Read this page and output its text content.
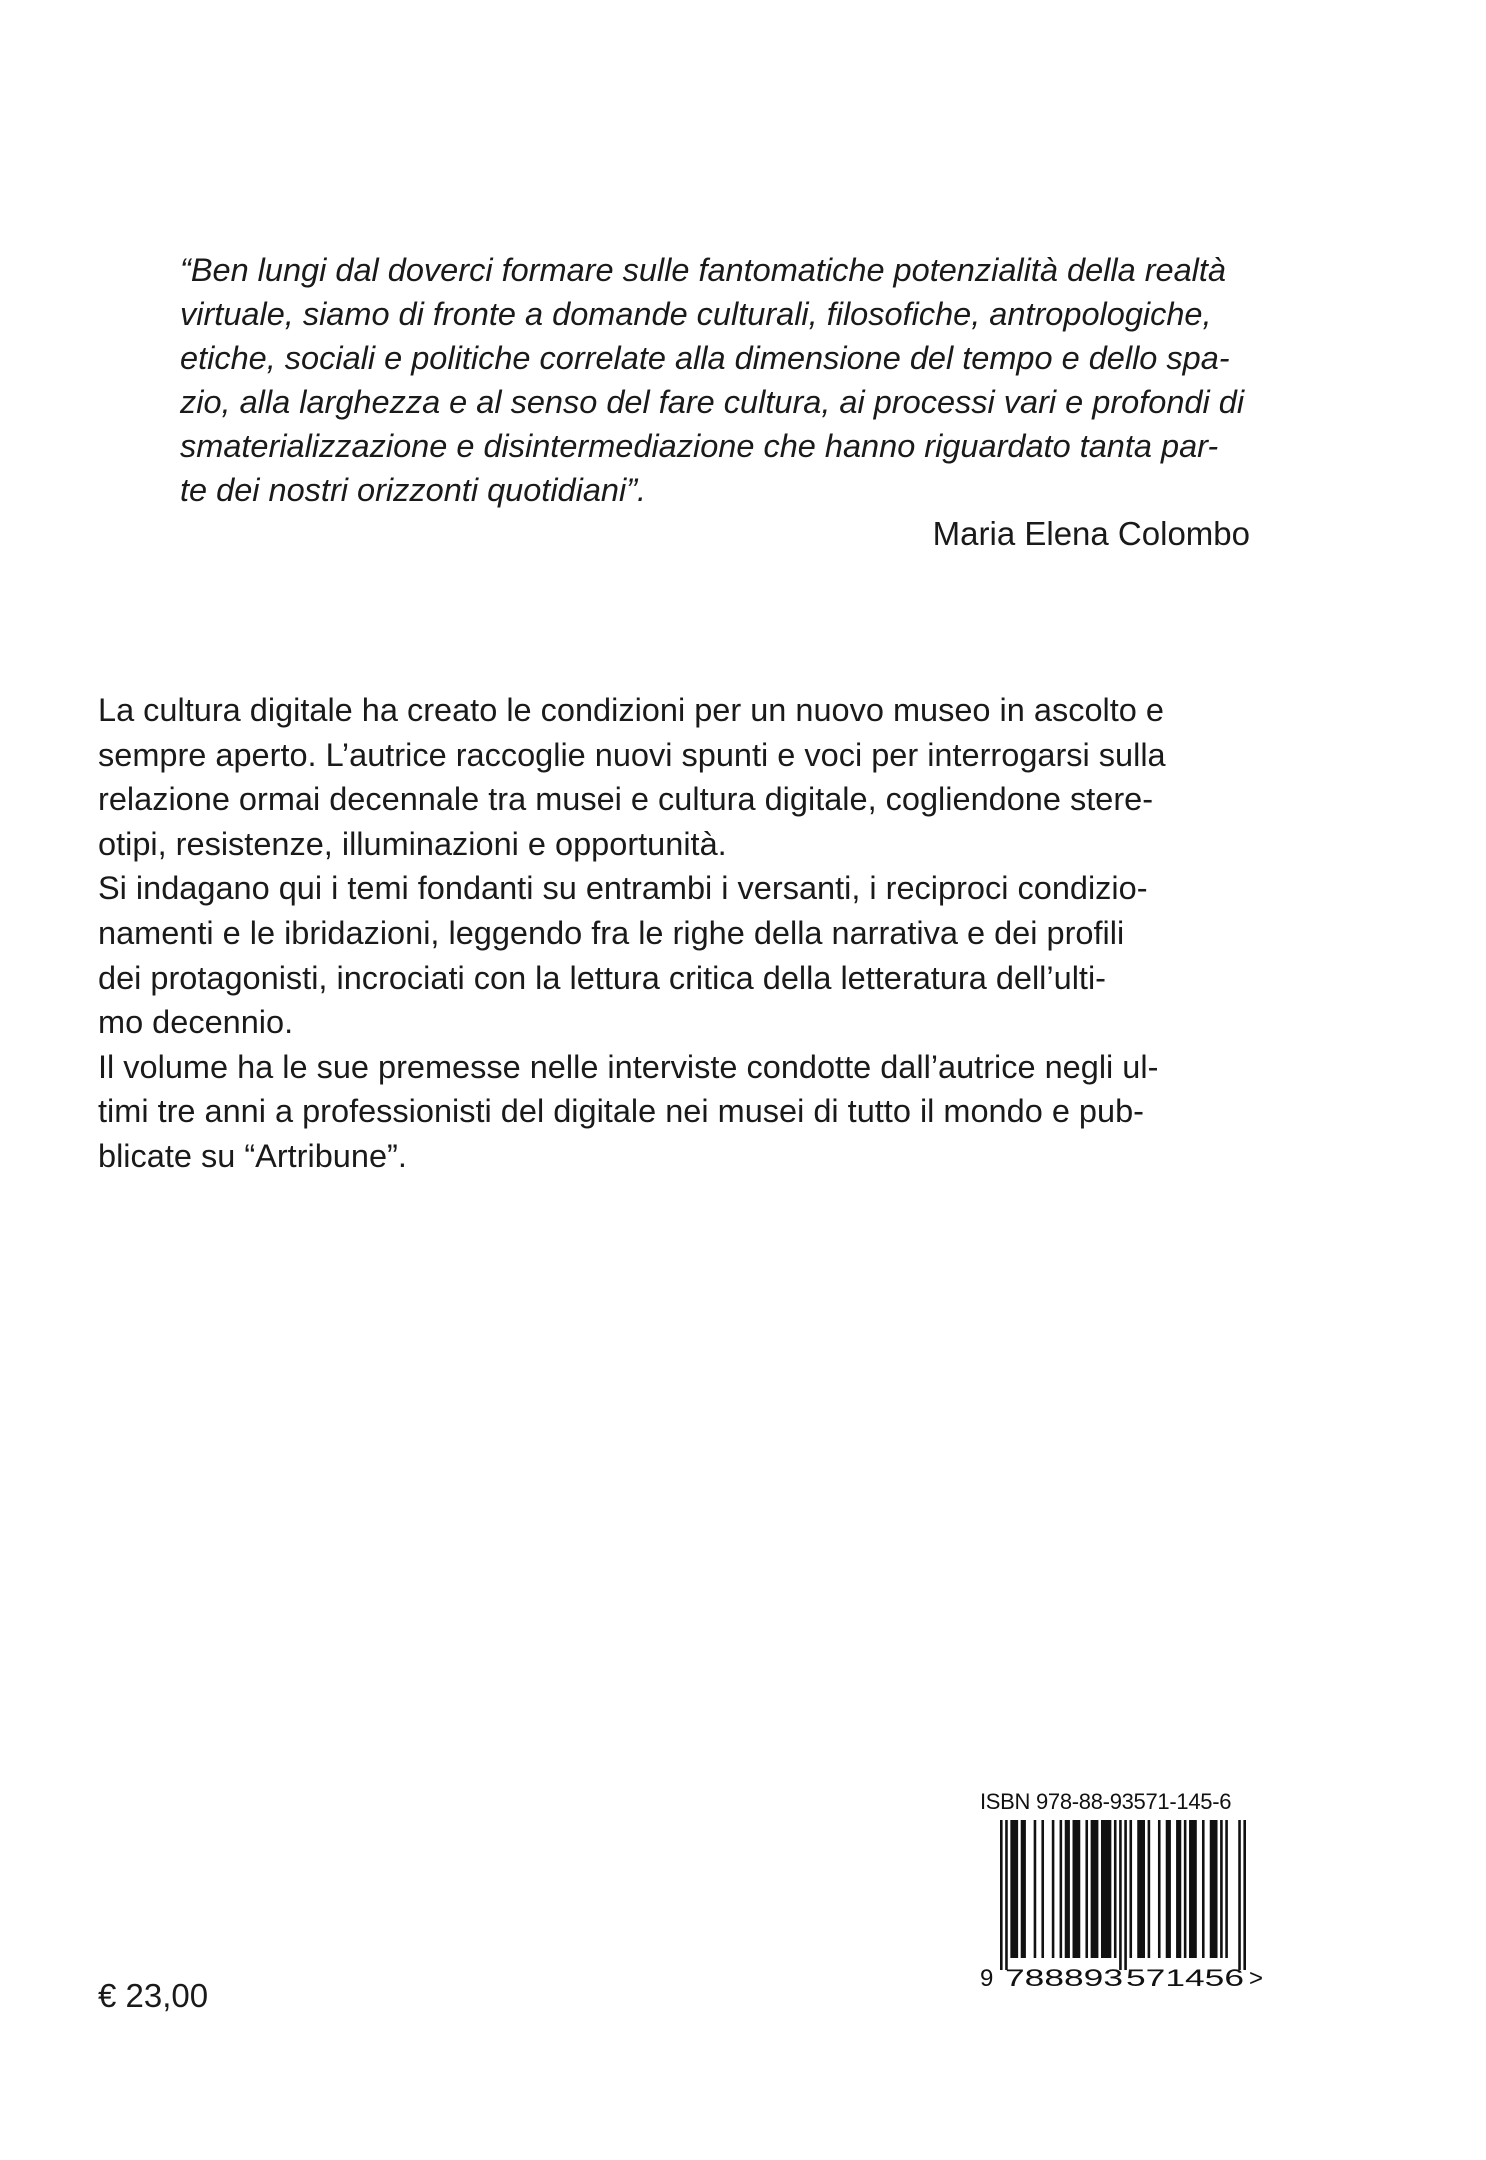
“Ben lungi dal doverci formare sulle fantomatiche potenzialità della realtà
virtuale, siamo di fronte a domande culturali, filosofiche, antropologiche,
etiche, sociali e politiche correlate alla dimensione del tempo e dello spa-
zio, alla larghezza e al senso del fare cultura, ai processi vari e profondi di
smaterializzazione e disintermediazione che hanno riguardato tanta par-
te dei nostri orizzonti quotidiani”.
Maria Elena Colombo
La cultura digitale ha creato le condizioni per un nuovo museo in ascolto e
sempre aperto. L’autrice raccoglie nuovi spunti e voci per interrogarsi sulla
relazione ormai decennale tra musei e cultura digitale, cogliendone stere-
otipi, resistenze, illuminazioni e opportunità.
Si indagano qui i temi fondanti su entrambi i versanti, i reciproci condizio-
namenti e le ibridazioni, leggendo fra le righe della narrativa e dei profili
dei protagonisti, incrociati con la lettura critica della letteratura dell’ulti-
mo decennio.
Il volume ha le sue premesse nelle interviste condotte dall’autrice negli ul-
timi tre anni a professionisti del digitale nei musei di tutto il mondo e pub-
blicate su “Artribune”.
€ 23,00
ISBN 978-88-93571-145-6
9 788893 571456 >
